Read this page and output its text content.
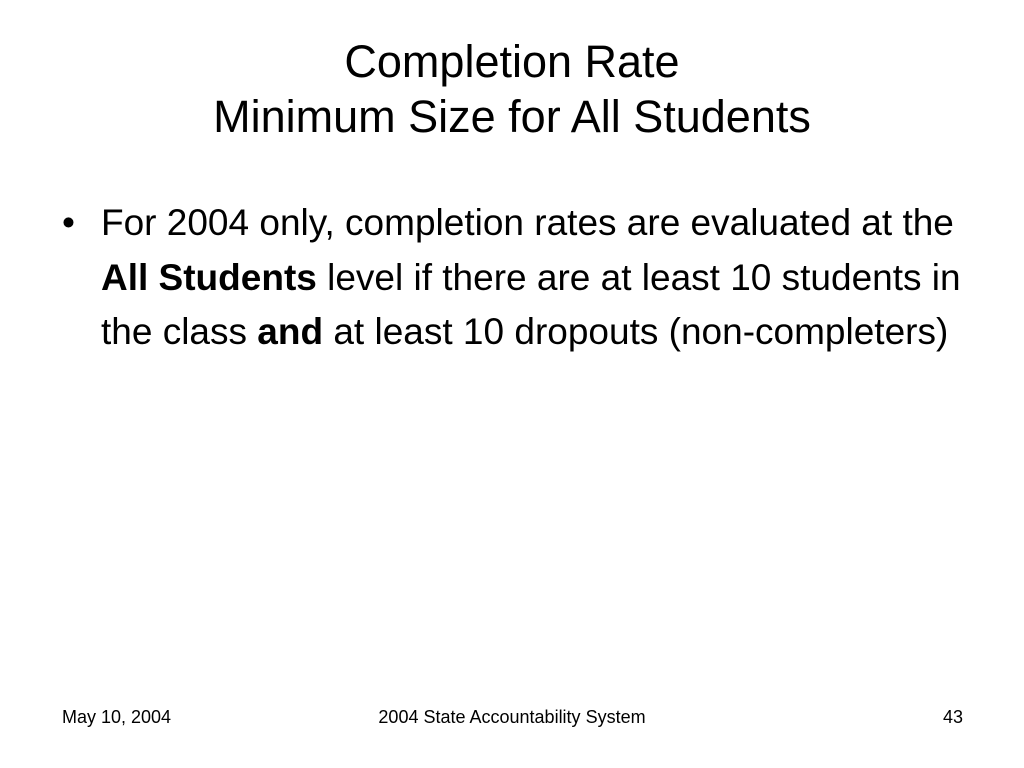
Completion Rate
Minimum Size for All Students
• For 2004 only, completion rates are evaluated at the All Students level if there are at least 10 students in the class and at least 10 dropouts (non-completers)
May 10, 2004	2004 State Accountability System	43
